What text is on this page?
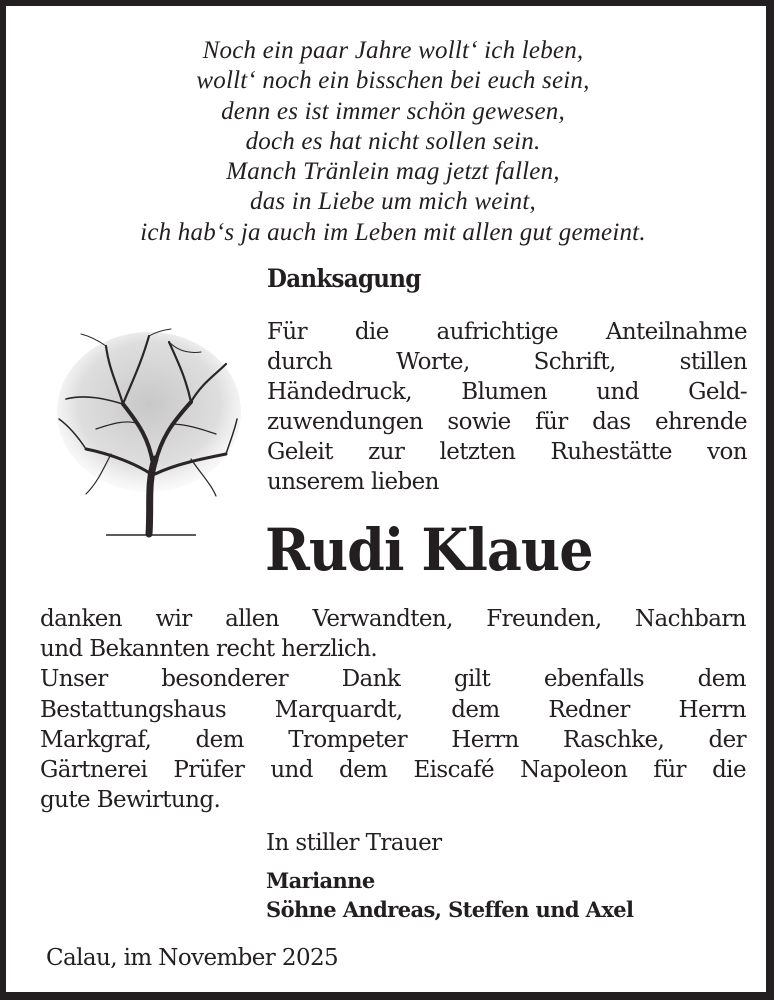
Noch ein paar Jahre wollt‘ ich leben,
wollt‘ noch ein bisschen bei euch sein,
denn es ist immer schön gewesen,
doch es hat nicht sollen sein.
Manch Tränlein mag jetzt fallen,
das in Liebe um mich weint,
ich hab‘s ja auch im Leben mit allen gut gemeint.
Danksagung
Für die aufrichtige Anteilnahme
durch	Worte,	Schrift,	stillen
Händedruck, Blumen und Geld-
zuwendungen sowie für das ehrende
Geleit zur letzten Ruhestätte von
unserem lieben
Rudi Klaue
danken wir allen Verwandten, Freunden, Nachbarn
und Bekannten recht herzlich.
Unser besonderer Dank gilt ebenfalls dem
Bestattungshaus Marquardt, dem Redner Herrn
Markgraf, dem Trompeter Herrn Raschke, der
Gärtnerei Prüfer und dem Eiscafé Napoleon für die
gute Bewirtung.
In stiller Trauer
Marianne
Söhne Andreas, Steffen und Axel
Calau, im November 2025
